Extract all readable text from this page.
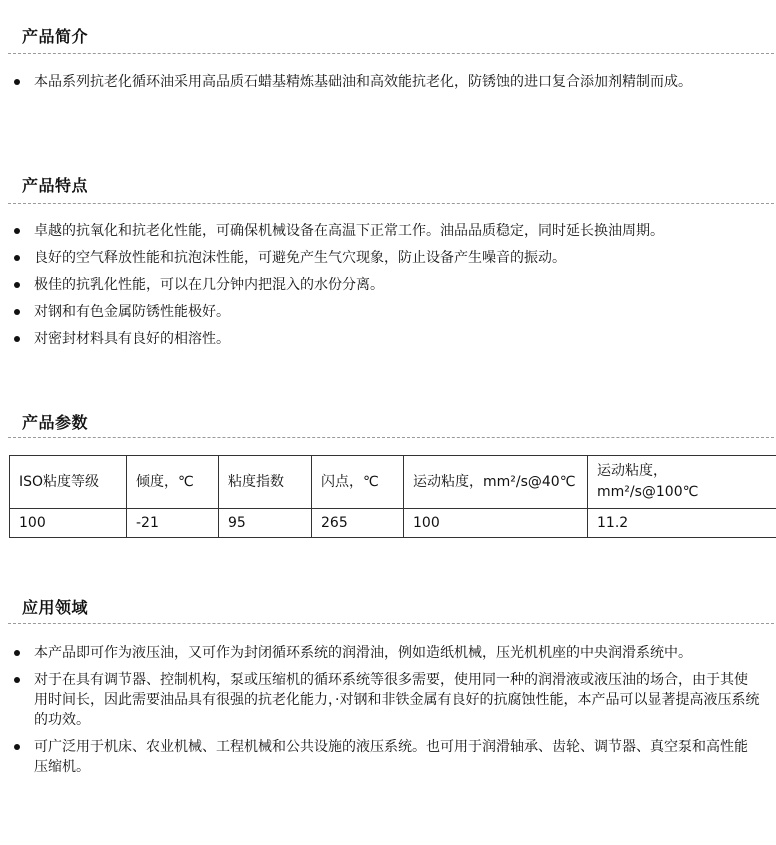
产品简介
本品系列抗老化循环油采用高品质石蜡基精炼基础油和高效能抗老化，防锈蚀的进口复合添加剂精制而成。
产品特点
卓越的抗氧化和抗老化性能，可确保机械设备在高温下正常工作。油品品质稳定，同时延长换油周期。
良好的空气释放性能和抗泡沫性能，可避免产生气穴现象，防止设备产生噪音的振动。
极佳的抗乳化性能，可以在几分钟内把混入的水份分离。
对钢和有色金属防锈性能极好。
对密封材料具有良好的相溶性。
产品参数
ISO粘度等级	倾度，℃	粘度指数	闪点，℃	运动粘度，mm²/s@40℃	运动粘度，mm²/s@100℃
100	-21	95	265	100	11.2
应用领域
本产品即可作为液压油，又可作为封闭循环系统的润滑油，例如造纸机械，压光机机座的中央润滑系统中。
对于在具有调节器、控制机构，泵或压缩机的循环系统等很多需要，使用同一种的润滑液或液压油的场合，由于其使用时间长，因此需要油品具有很强的抗老化能力，·对钢和非铁金属有良好的抗腐蚀性能，本产品可以显著提高液压系统的功效。
可广泛用于机床、农业机械、工程机械和公共设施的液压系统。也可用于润滑轴承、齿轮、调节器、真空泵和高性能压缩机。
